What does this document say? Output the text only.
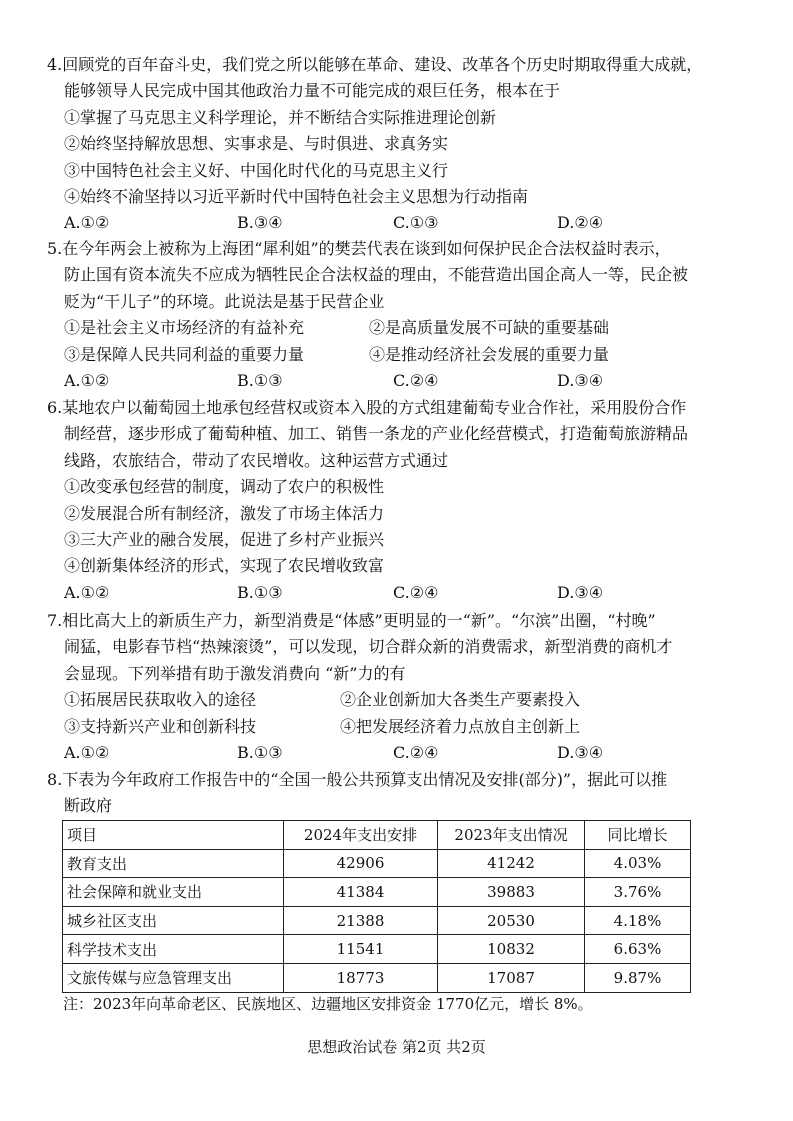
4.回顾党的百年奋斗史，我们党之所以能够在革命、建设、改革各个历史时期取得重大成就，
能够领导人民完成中国其他政治力量不可能完成的艰巨任务，根本在于
①掌握了马克思主义科学理论，并不断结合实际推进理论创新
②始终坚持解放思想、实事求是、与时俱进、求真务实
③中国特色社会主义好、中国化时代化的马克思主义行
④始终不渝坚持以习近平新时代中国特色社会主义思想为行动指南
A.①②	B.③④	C.①③	D.②④
5.在今年两会上被称为上海团“犀利姐”的樊芸代表在谈到如何保护民企合法权益时表示，
防止国有资本流失不应成为牺牲民企合法权益的理由，不能营造出国企高人一等，民企被
贬为“干儿子”的环境。此说法是基于民营企业
①是社会主义市场经济的有益补充	②是高质量发展不可缺的重要基础
③是保障人民共同利益的重要力量	④是推动经济社会发展的重要力量
A.①②	B.①③	C.②④	D.③④
6.某地农户以葡萄园土地承包经营权或资本入股的方式组建葡萄专业合作社，采用股份合作
制经营，逐步形成了葡萄种植、加工、销售一条龙的产业化经营模式，打造葡萄旅游精品
线路，农旅结合，带动了农民增收。这种运营方式通过
①改变承包经营的制度，调动了农户的积极性
②发展混合所有制经济，激发了市场主体活力
③三大产业的融合发展，促进了乡村产业振兴
④创新集体经济的形式，实现了农民增收致富
A.①②	B.①③	C.②④	D.③④
7.相比高大上的新质生产力，新型消费是“体感”更明显的一“新”。“尔滨”出圈，“村晚”
闹猛，电影春节档“热辣滚烫”，可以发现，切合群众新的消费需求，新型消费的商机才
会显现。下列举措有助于激发消费向 “新”力的有
①拓展居民获取收入的途径	②企业创新加大各类生产要素投入
③支持新兴产业和创新科技	④把发展经济着力点放自主创新上
A.①②	B.①③	C.②④	D.③④
8.下表为今年政府工作报告中的“全国一般公共预算支出情况及安排(部分)”，据此可以推
断政府
项目	2024年支出安排	2023年支出情况	同比增长
教育支出	42906	41242	4.03%
社会保障和就业支出	41384	39883	3.76%
城乡社区支出	21388	20530	4.18%
科学技术支出	11541	10832	6.63%
文旅传媒与应急管理支出	18773	17087	9.87%
注：2023年向革命老区、民族地区、边疆地区安排资金 1770亿元，增长 8%。
思想政治试卷 第2页 共2页
